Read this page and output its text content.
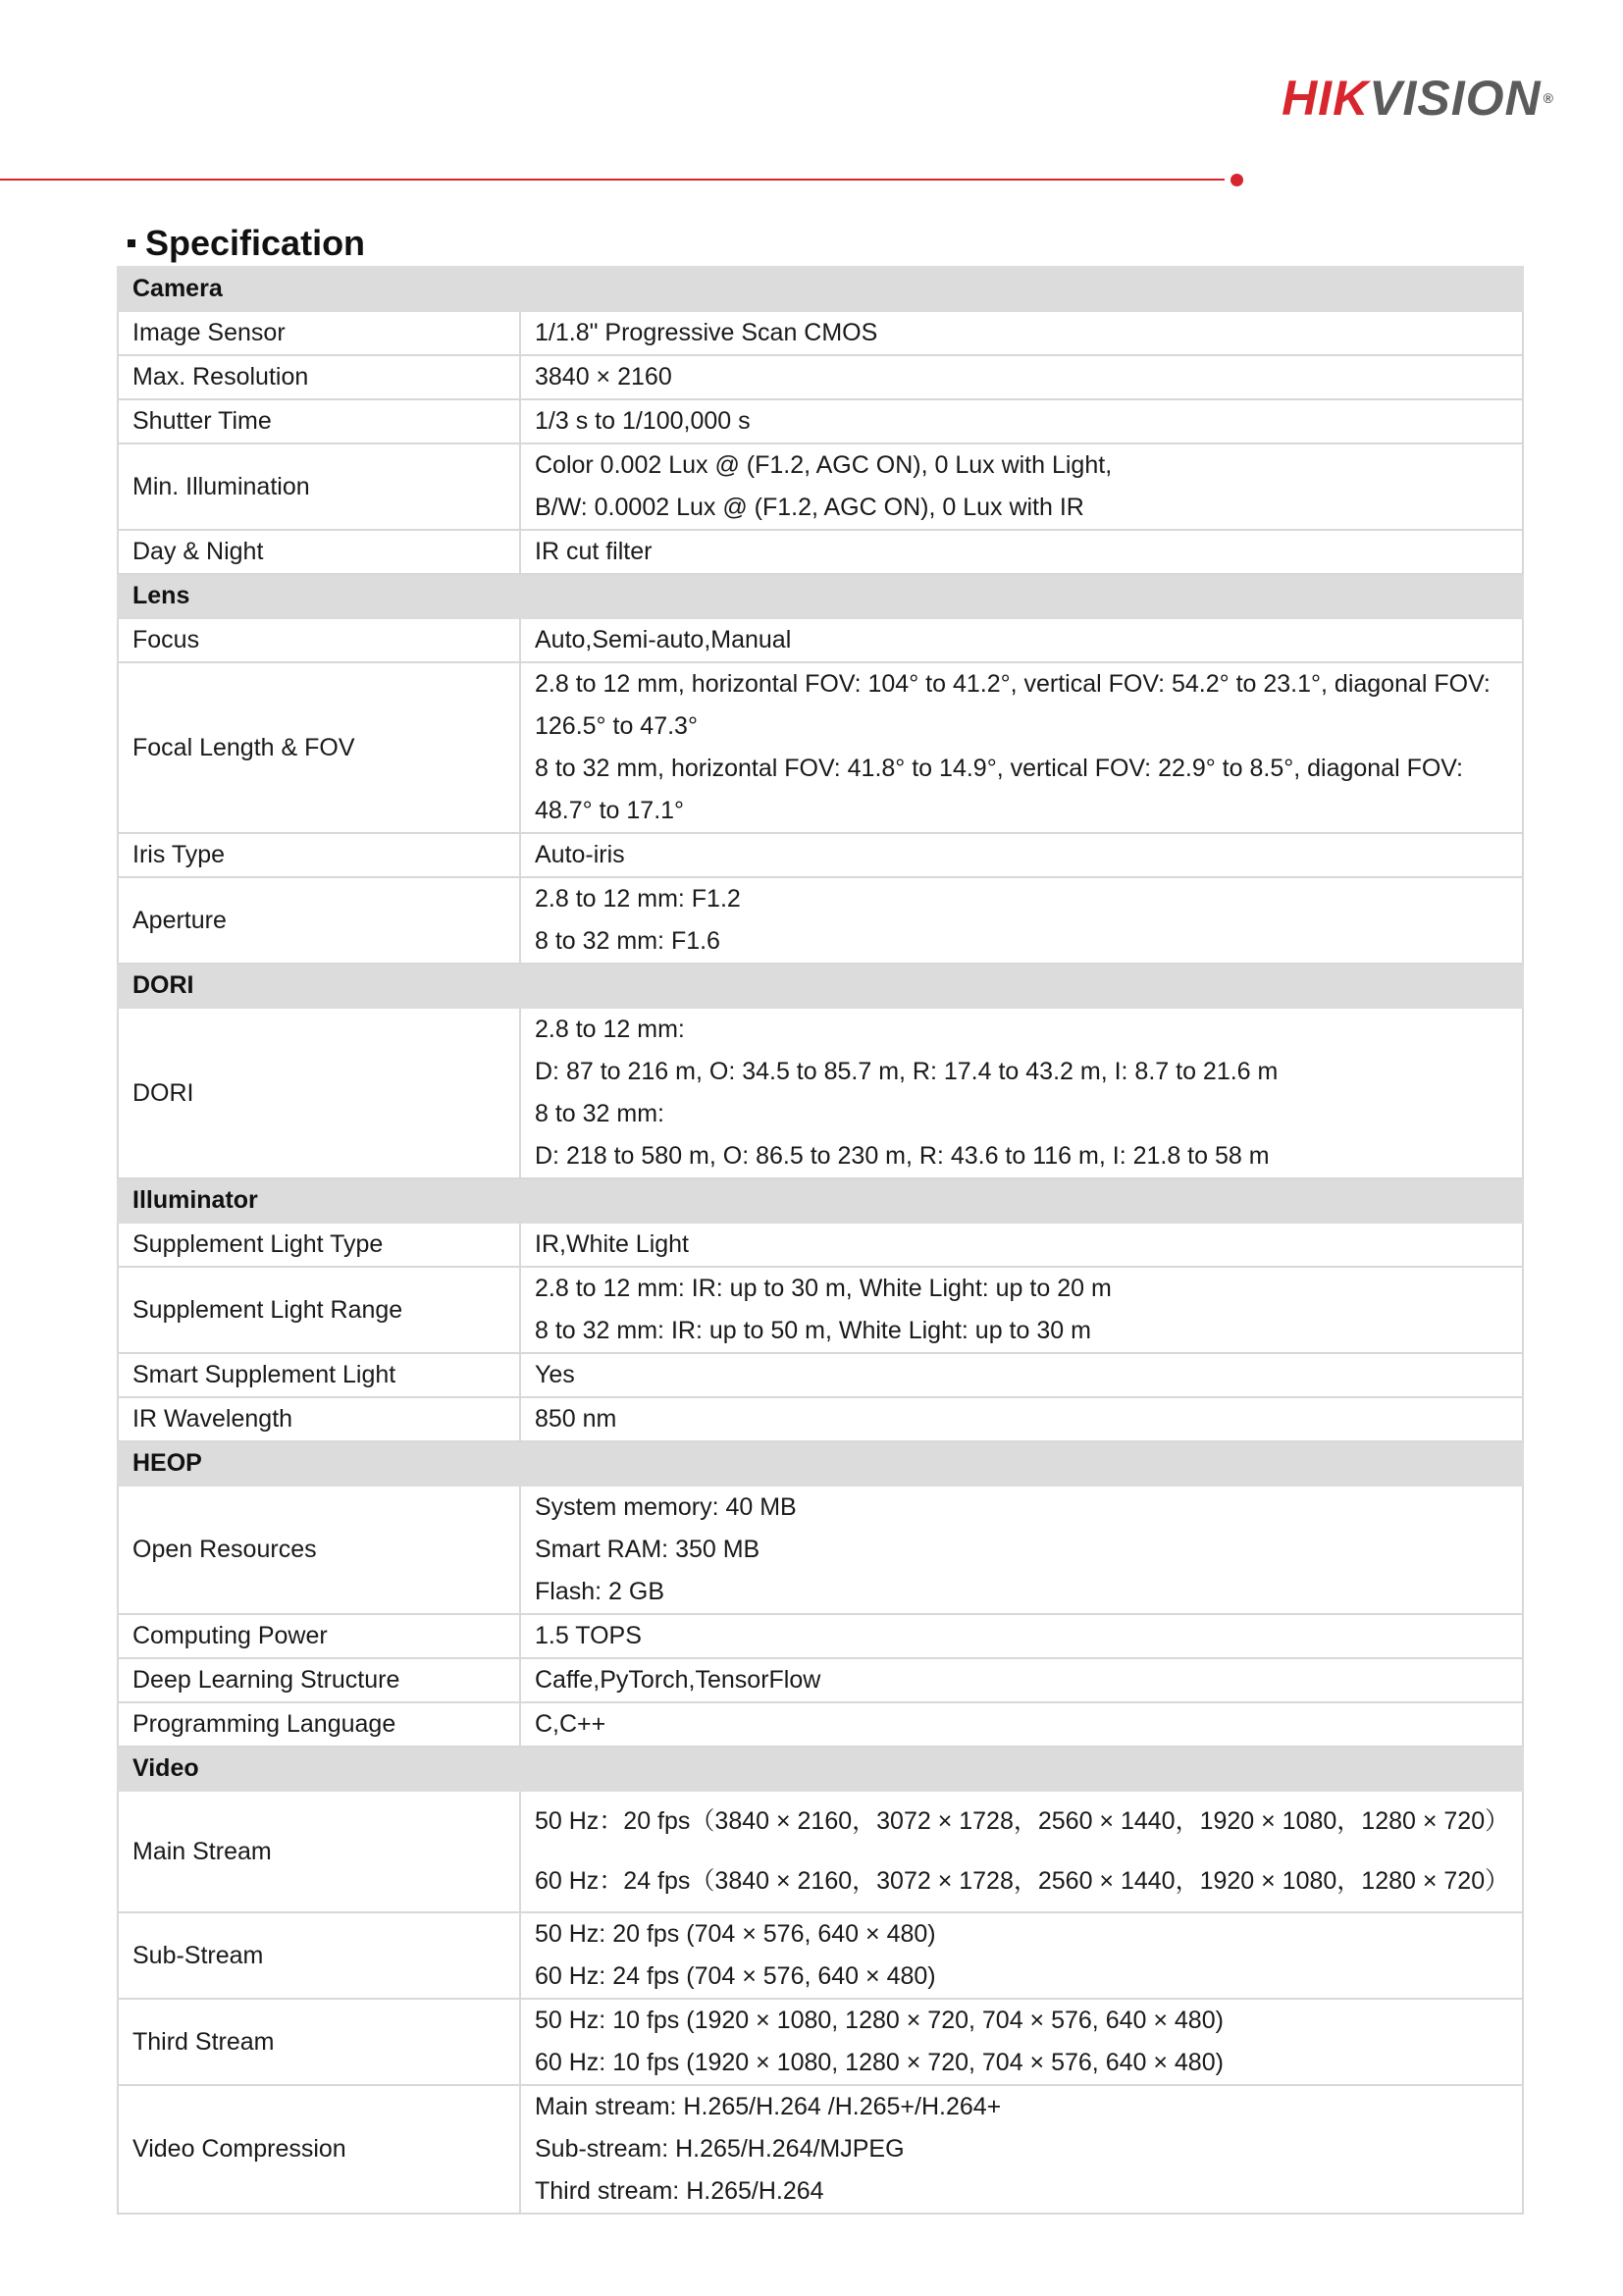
HIKVISION ®
Specification
Camera	
Image Sensor	1/1.8" Progressive Scan CMOS

Max. Resolution	3840 × 2160

Shutter Time	1/3 s to 1/100,000 s

Min. Illumination	Color 0.002 Lux @ (F1.2, AGC ON), 0 Lux with Light,
B/W: 0.0002 Lux @ (F1.2, AGC ON), 0 Lux with IR

Day & Night	IR cut filter

Lens	
Focus	Auto,Semi-auto,Manual

Focal Length & FOV	2.8 to 12 mm, horizontal FOV: 104° to 41.2°, vertical FOV: 54.2° to 23.1°, diagonal FOV:
126.5° to 47.3°
8 to 32 mm, horizontal FOV: 41.8° to 14.9°, vertical FOV: 22.9° to 8.5°, diagonal FOV:
48.7° to 17.1°

Iris Type	Auto-iris

Aperture	2.8 to 12 mm: F1.2
8 to 32 mm: F1.6

DORI	
DORI	2.8 to 12 mm:
D: 87 to 216 m, O: 34.5 to 85.7 m, R: 17.4 to 43.2 m, I: 8.7 to 21.6 m
8 to 32 mm:
D: 218 to 580 m, O: 86.5 to 230 m, R: 43.6 to 116 m, I: 21.8 to 58 m

Illuminator	
Supplement Light Type	IR,White Light

Supplement Light Range	2.8 to 12 mm: IR: up to 30 m, White Light: up to 20 m
8 to 32 mm: IR: up to 50 m, White Light: up to 30 m

Smart Supplement Light	Yes

IR Wavelength	850 nm

HEOP	
Open Resources	System memory: 40 MB
Smart RAM: 350 MB
Flash: 2 GB

Computing Power	1.5 TOPS

Deep Learning Structure	Caffe,PyTorch,TensorFlow

Programming Language	C,C++

Video	
Main Stream	50 Hz：20 fps（3840 × 2160，3072 × 1728，2560 × 1440，1920 × 1080，1280 × 720）
60 Hz：24 fps（3840 × 2160，3072 × 1728，2560 × 1440，1920 × 1080，1280 × 720）

Sub-Stream	50 Hz: 20 fps (704 × 576, 640 × 480)
60 Hz: 24 fps (704 × 576, 640 × 480)

Third Stream	50 Hz: 10 fps (1920 × 1080, 1280 × 720, 704 × 576, 640 × 480)
60 Hz: 10 fps (1920 × 1080, 1280 × 720, 704 × 576, 640 × 480)

Video Compression	Main stream: H.265/H.264 /H.265+/H.264+
Sub-stream: H.265/H.264/MJPEG
Third stream: H.265/H.264
